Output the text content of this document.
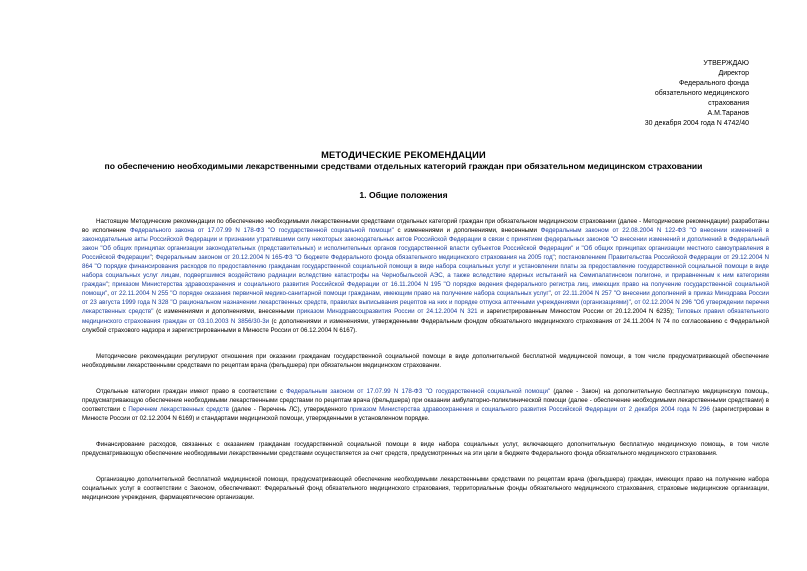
УТВЕРЖДАЮ
Директор
Федерального фонда
обязательного медицинского
страхования
А.М.Таранов
30 декабря 2004 года N 4742/40
МЕТОДИЧЕСКИЕ РЕКОМЕНДАЦИИ
по обеспечению необходимыми лекарственными средствами отдельных категорий граждан при обязательном медицинском страховании
1. Общие положения

Настоящие Методические рекомендации по обеспечению необходимыми лекарственными средствами отдельных категорий граждан при обязательном медицинском страховании (далее - Методические рекомендации) разработаны во исполнение Федерального закона от 17.07.99 N 178-ФЗ "О государственной социальной помощи" с изменениями и дополнениями, внесенными Федеральным законом от 22.08.2004 N 122-ФЗ "О внесении изменений в законодательные акты Российской Федерации и признании утратившими силу некоторых законодательных актов Российской Федерации в связи с принятием федеральных законов "О внесении изменений и дополнений в Федеральный закон "Об общих принципах организации законодательных (представительных) и исполнительных органов государственной власти субъектов Российской Федерации" и "Об общих принципах организации местного самоуправления в Российской Федерации"; Федеральным законом от 20.12.2004 N 165-ФЗ "О бюджете Федерального фонда обязательного медицинского страхования на 2005 год"; постановлением Правительства Российской Федерации от 29.12.2004 N 864 "О порядке финансирования расходов по предоставлению гражданам государственной социальной помощи в виде набора социальных услуг и установлении платы за предоставление государственной социальной помощи в виде набора социальных услуг лицам, подвергшимся воздействию радиации вследствие катастрофы на Чернобыльской АЭС, а также вследствие ядерных испытаний на Семипалатинском полигоне, и приравненным к ним категориям граждан"; приказом Министерства здравоохранения и социального развития Российской Федерации от 16.11.2004 N 195 "О порядке ведения федерального регистра лиц, имеющих право на получение государственной социальной помощи", от 22.11.2004 N 255 "О порядке оказания первичной медико-санитарной помощи гражданам, имеющим право на получение набора социальных услуг", от 22.11.2004 N 257 "О внесении дополнений в приказ Минздрава России от 23 августа 1999 года N 328 "О рациональном назначении лекарственных средств, правилах выписывания рецептов на них и порядке отпуска аптечными учреждениями (организациями)", от 02.12.2004 N 296 "Об утверждении перечня лекарственных средств" (с изменениями и дополнениями, внесенными приказом Минздравсоцразвития России от 24.12.2004 N 321 и зарегистрированным Минюстом России от 20.12.2004 N 6235); Типовых правил обязательного медицинского страхования граждан от 03.10.2003 N 3856/30-3и (с дополнениями и изменениями, утвержденными Федеральным фондом обязательного медицинского страхования от 24.11.2004 N 74 по согласованию с Федеральной службой страхового надзора и зарегистрированными в Минюсте России от 06.12.2004 N 6167).

Методические рекомендации регулируют отношения при оказании гражданам государственной социальной помощи в виде дополнительной бесплатной медицинской помощи, в том числе предусматривающей обеспечение необходимыми лекарственными средствами по рецептам врача (фельдшера) при обязательном медицинском страховании.

Отдельные категории граждан имеют право в соответствии с Федеральным законом от 17.07.99 N 178-ФЗ "О государственной социальной помощи" (далее - Закон) на дополнительную бесплатную медицинскую помощь, предусматривающую обеспечение необходимыми лекарственными средствами по рецептам врача (фельдшера) при оказании амбулаторно-поликлинической помощи (далее - обеспечение необходимыми лекарственными средствами) в соответствии с Перечнем лекарственных средств (далее - Перечень ЛС), утвержденного приказом Министерства здравоохранения и социального развития Российской Федерации от 2 декабря 2004 года N 296 (зарегистрирован в Минюсте России от 02.12.2004 N 6169) и стандартами медицинской помощи, утвержденными в установленном порядке.

Финансирование расходов, связанных с оказанием гражданам государственной социальной помощи в виде набора социальных услуг, включающего дополнительную бесплатную медицинскую помощь, в том числе предусматривающую обеспечение необходимыми лекарственными средствами осуществляется за счет средств, предусмотренных на эти цели в бюджете Федерального фонда обязательного медицинского страхования.

Организацию дополнительной бесплатной медицинской помощи, предусматривающей обеспечение необходимыми лекарственными средствами по рецептам врача (фельдшера) граждан, имеющих право на получение набора социальных услуг в соответствии с Законом, обеспечивают: Федеральный фонд обязательного медицинского страхования, территориальные фонды обязательного медицинского страхования, страховые медицинские организации, медицинские учреждения, фармацевтические организации.
